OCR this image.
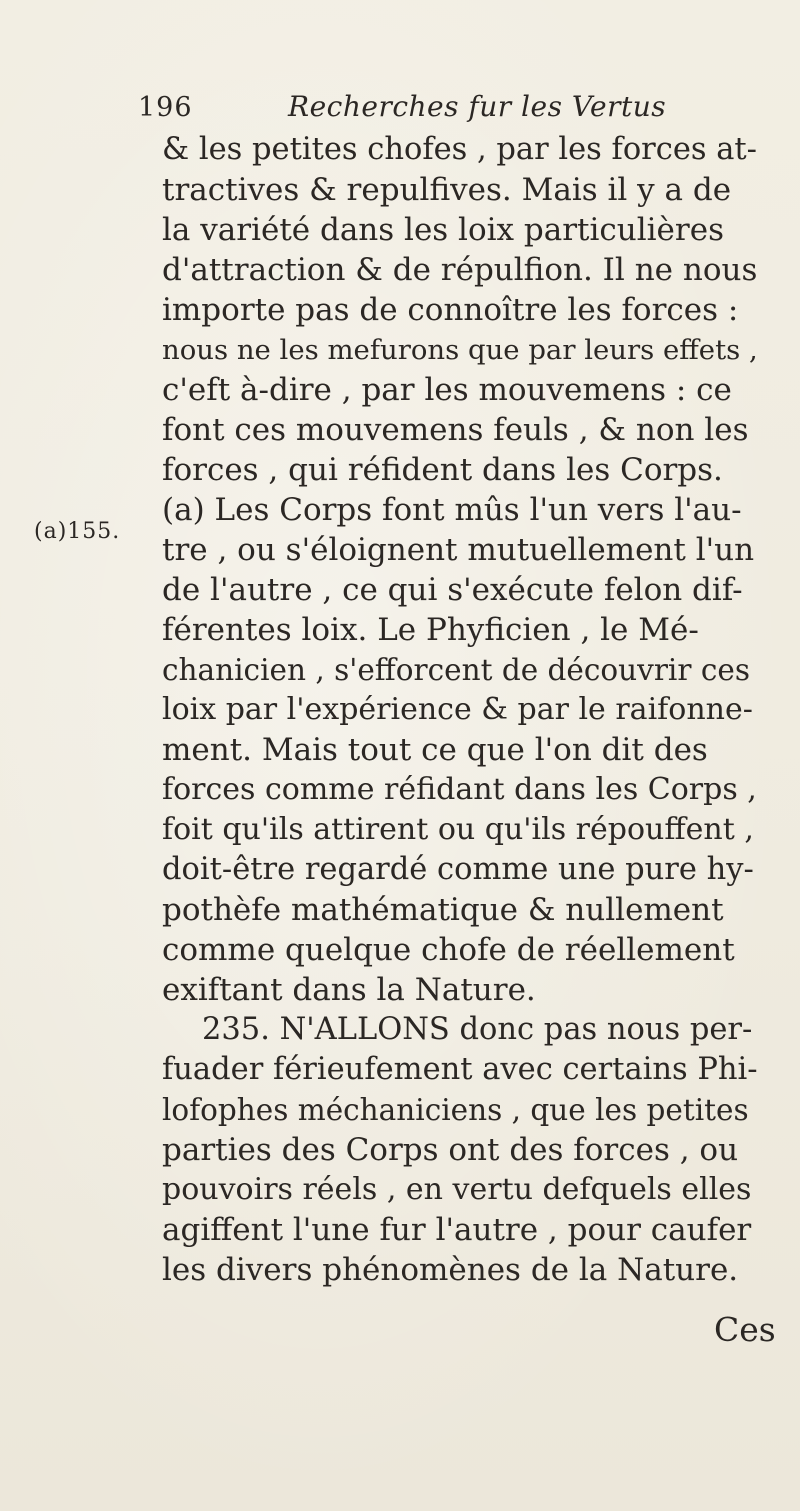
196	Recherches fur les Vertus
(a)155.
& les petites chofes , par les forces at-
tractives & repulfives. Mais il y a de
la variété dans les loix particulières
d'attraction & de répulfion. Il ne nous
importe pas de connoître les forces :
nous ne les mefurons que par leurs effets ,
c'eft à-dire , par les mouvemens : ce
font ces mouvemens feuls , & non les
forces , qui réfident dans les Corps.
(a) Les Corps font mûs l'un vers l'au-
tre , ou s'éloignent mutuellement l'un
de l'autre , ce qui s'exécute felon dif-
férentes loix. Le Phyficien , le Mé-
chanicien , s'efforcent de découvrir ces
loix par l'expérience & par le raifonne-
ment. Mais tout ce que l'on dit des
forces comme réfidant dans les Corps ,
foit qu'ils attirent ou qu'ils répouffent ,
doit-être regardé comme une pure hy-
pothèfe mathématique & nullement
comme quelque chofe de réellement
exiftant dans la Nature.
235. N'ALLONS donc pas nous per-
fuader férieufement avec certains Phi-
lofophes méchaniciens , que les petites
parties des Corps ont des forces , ou
pouvoirs réels , en vertu defquels elles
agiffent l'une fur l'autre , pour caufer
les divers phénomènes de la Nature.
Ces
